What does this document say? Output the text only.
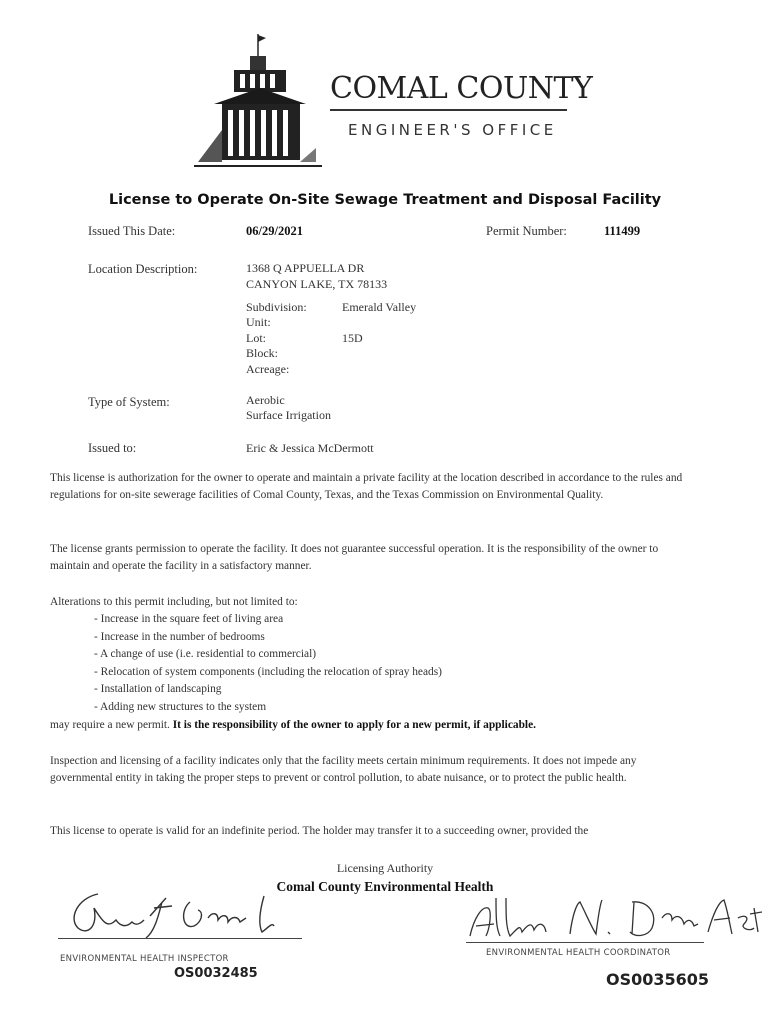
COMAL COUNTY
ENGINEER'S OFFICE
License to Operate On-Site Sewage Treatment and Disposal Facility
Issued This Date:	06/29/2021	Permit Number:	111499
Location Description:	1368 Q APPUELLA DR
CANYON LAKE, TX 78133
Subdivision:	Emerald Valley
Unit:
Lot:	15D
Block:
Acreage:
Type of System:	Aerobic
Surface Irrigation
Issued to:	Eric & Jessica McDermott
This license is authorization for the owner to operate and maintain a private facility at the location described in accordance to the rules and regulations for on-site sewerage facilities of Comal County, Texas, and the Texas Commission on Environmental Quality.
The license grants permission to operate the facility. It does not guarantee successful operation. It is the responsibility of the owner to maintain and operate the facility in a satisfactory manner.
Alterations to this permit including, but not limited to:
- Increase in the square feet of living area
- Increase in the number of bedrooms
- A change of use (i.e. residential to commercial)
- Relocation of system components (including the relocation of spray heads)
- Installation of landscaping
- Adding new structures to the system
may require a new permit. It is the responsibility of the owner to apply for a new permit, if applicable.
Inspection and licensing of a facility indicates only that the facility meets certain minimum requirements. It does not impede any governmental entity in taking the proper steps to prevent or control pollution, to abate nuisance, or to protect the public health.
This license to operate is valid for an indefinite period. The holder may transfer it to a succeeding owner, provided the
Licensing Authority
Comal County Environmental Health
ENVIRONMENTAL HEALTH INSPECTOR
OS0032485
ENVIRONMENTAL HEALTH COORDINATOR
OS0035605
